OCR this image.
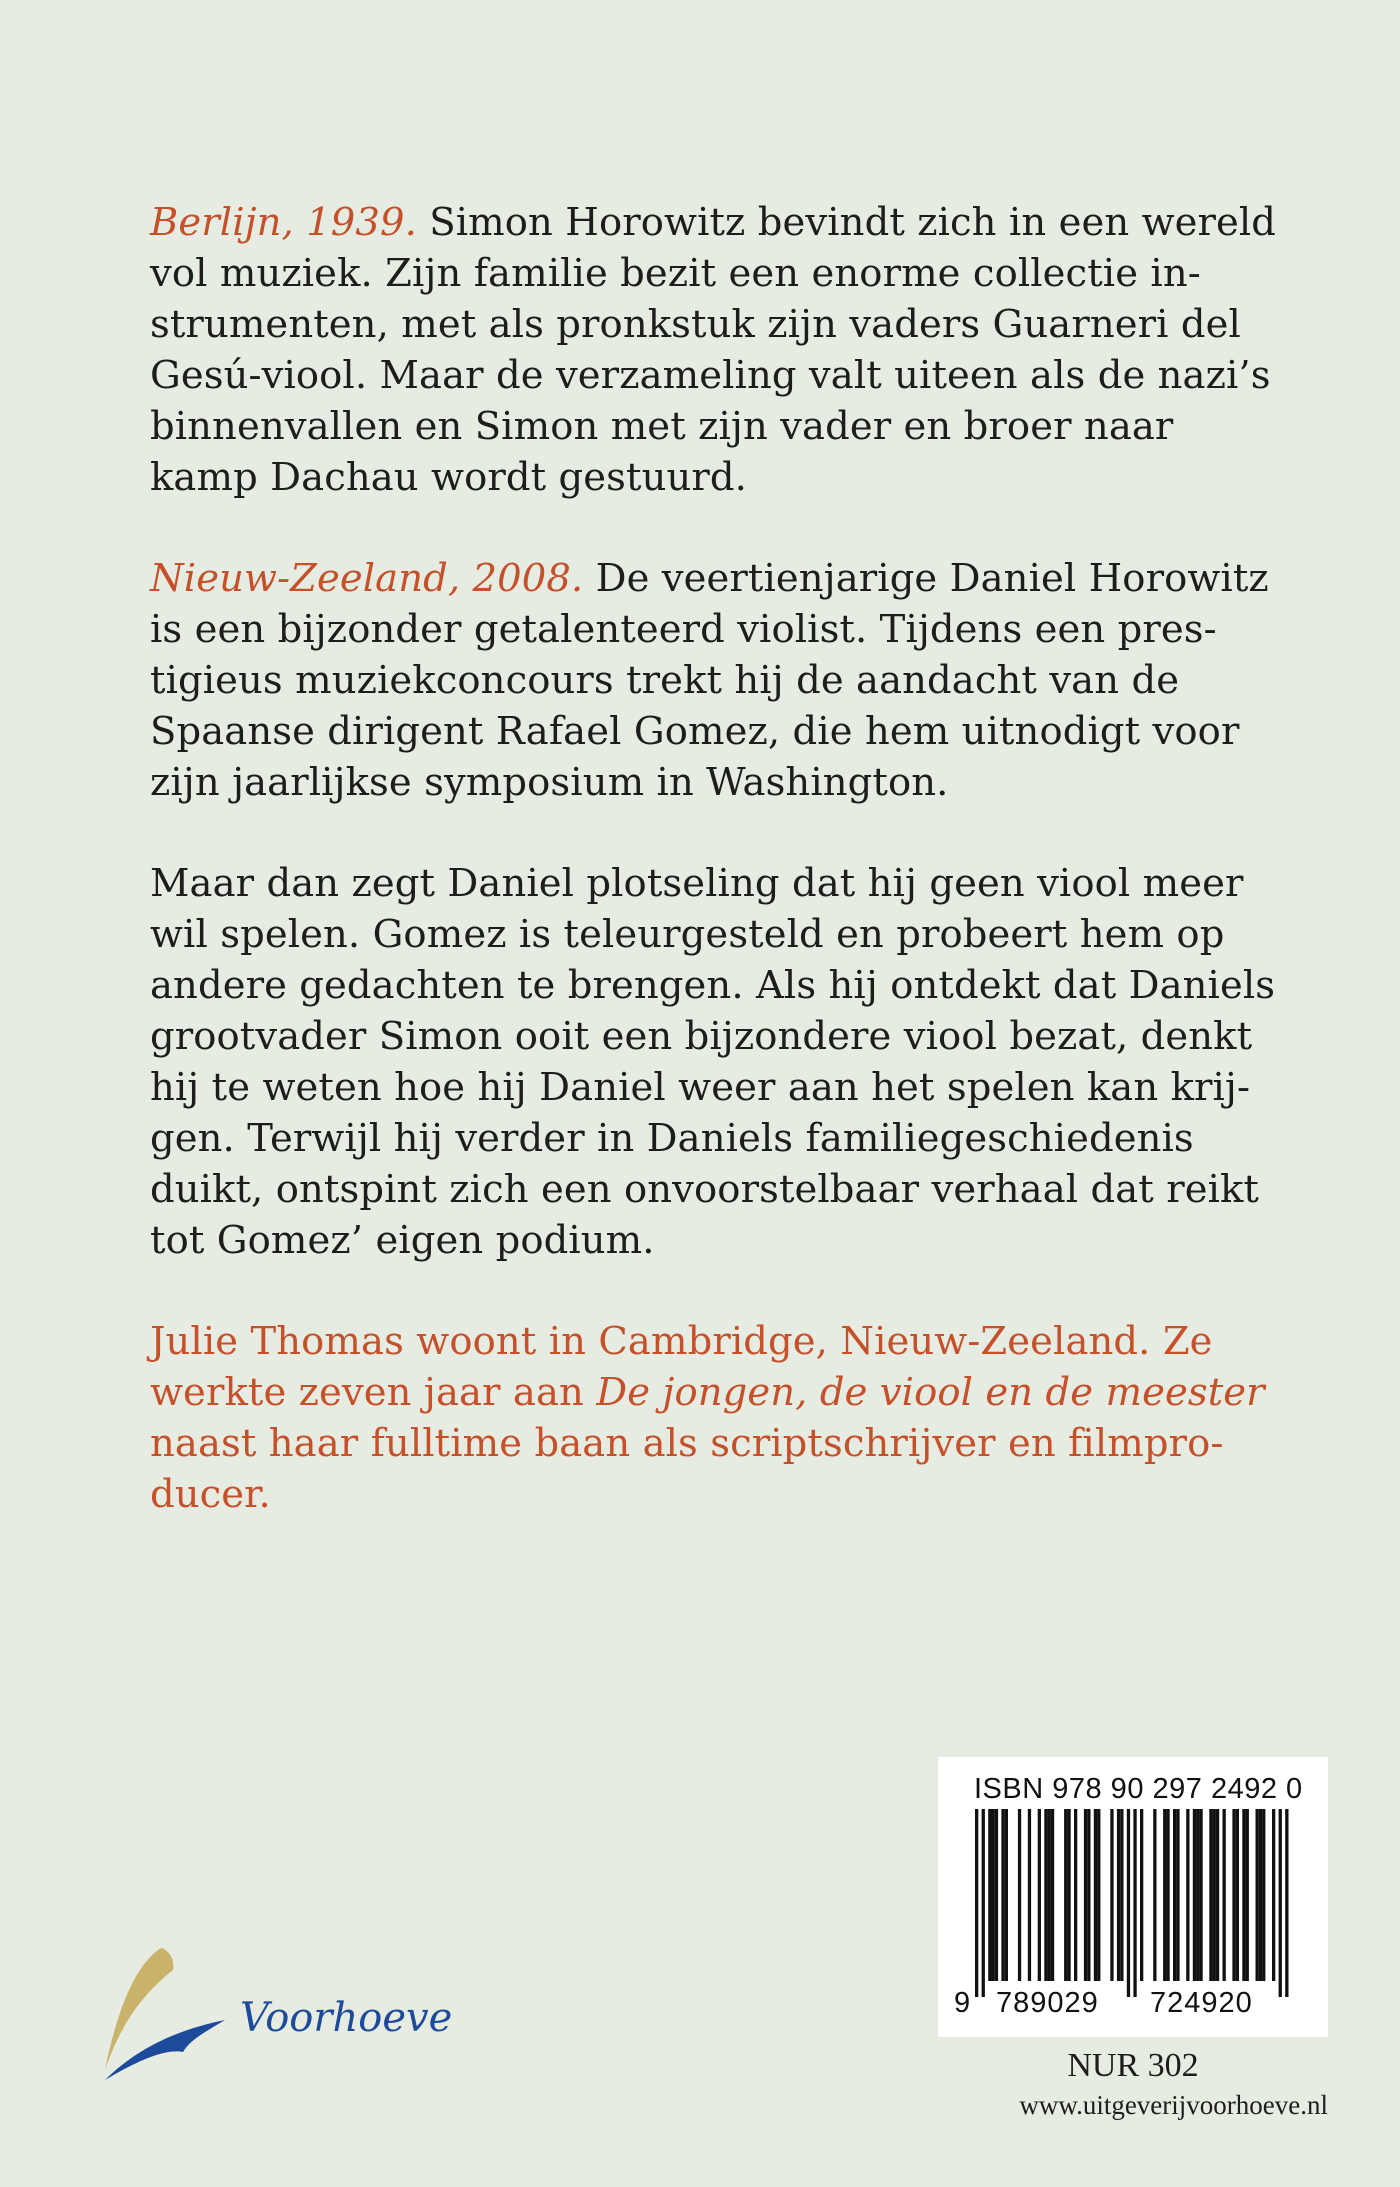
Berlijn, 1939. Simon Horowitz bevindt zich in een wereld
vol muziek. Zijn familie bezit een enorme collectie in-
strumenten, met als pronkstuk zijn vaders Guarneri del
Gesú-viool. Maar de verzameling valt uiteen als de nazi’s
binnenvallen en Simon met zijn vader en broer naar
kamp Dachau wordt gestuurd.

Nieuw-Zeeland, 2008. De veertienjarige Daniel Horowitz
is een bijzonder getalenteerd violist. Tijdens een pres-
tigieus muziekconcours trekt hij de aandacht van de
Spaanse dirigent Rafael Gomez, die hem uitnodigt voor
zijn jaarlijkse symposium in Washington.

Maar dan zegt Daniel plotseling dat hij geen viool meer
wil spelen. Gomez is teleurgesteld en probeert hem op
andere gedachten te brengen. Als hij ontdekt dat Daniels
grootvader Simon ooit een bijzondere viool bezat, denkt
hij te weten hoe hij Daniel weer aan het spelen kan krij-
gen. Terwijl hij verder in Daniels familiegeschiedenis
duikt, ontspint zich een onvoorstelbaar verhaal dat reikt
tot Gomez’ eigen podium.

Julie Thomas woont in Cambridge, Nieuw-Zeeland. Ze
werkte zeven jaar aan De jongen, de viool en de meester
naast haar fulltime baan als scriptschrijver en filmpro-
ducer.

Voorhoeve
ISBN 978 90 297 2492 0
9 789029 724920
NUR 302
www.uitgeverijvoorhoeve.nl
